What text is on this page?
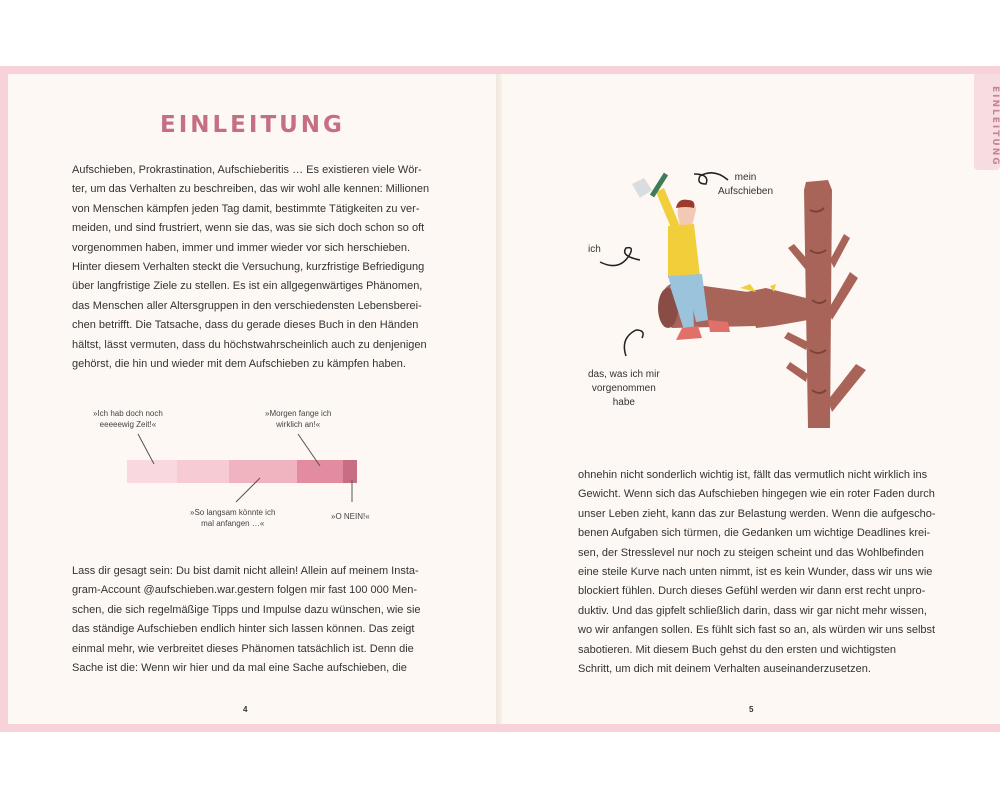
EINLEITUNG
EINLEITUNG
Aufschieben, Prokrastination, Aufschieberitis … Es existieren viele Wör-
ter, um das Verhalten zu beschreiben, das wir wohl alle kennen: Millionen
von Menschen kämpfen jeden Tag damit, bestimmte Tätigkeiten zu ver-
meiden, und sind frustriert, wenn sie das, was sie sich doch schon so oft
vorgenommen haben, immer und immer wieder vor sich herschieben.
Hinter diesem Verhalten steckt die Versuchung, kurzfristige Befriedigung
über langfristige Ziele zu stellen. Es ist ein allgegenwärtiges Phänomen,
das Menschen aller Altersgruppen in den verschiedensten Lebensberei-
chen betrifft. Die Tatsache, dass du gerade dieses Buch in den Händen
hältst, lässt vermuten, dass du höchstwahrscheinlich auch zu denjenigen
gehörst, die hin und wieder mit dem Aufschieben zu kämpfen haben.
»Ich hab doch noch
eeeeewig Zeit!«
»Morgen fange ich
wirklich an!«
»So langsam könnte ich
mal anfangen …«
»O NEIN!«
Lass dir gesagt sein: Du bist damit nicht allein! Allein auf meinem Insta-
gram-Account @aufschieben.war.gestern folgen mir fast 100 000 Men-
schen, die sich regelmäßige Tipps und Impulse dazu wünschen, wie sie
das ständige Aufschieben endlich hinter sich lassen können. Das zeigt
einmal mehr, wie verbreitet dieses Phänomen tatsächlich ist. Denn die
Sache ist die: Wenn wir hier und da mal eine Sache aufschieben, die
4
mein
Aufschieben
ich
das, was ich mir
vorgenommen
habe
ohnehin nicht sonderlich wichtig ist, fällt das vermutlich nicht wirklich ins
Gewicht. Wenn sich das Aufschieben hingegen wie ein roter Faden durch
unser Leben zieht, kann das zur Belastung werden. Wenn die aufgescho-
benen Aufgaben sich türmen, die Gedanken um wichtige Deadlines krei-
sen, der Stresslevel nur noch zu steigen scheint und das Wohlbefinden
eine steile Kurve nach unten nimmt, ist es kein Wunder, dass wir uns wie
blockiert fühlen. Durch dieses Gefühl werden wir dann erst recht unpro-
duktiv. Und das gipfelt schließlich darin, dass wir gar nicht mehr wissen,
wo wir anfangen sollen. Es fühlt sich fast so an, als würden wir uns selbst
sabotieren. Mit diesem Buch gehst du den ersten und wichtigsten
Schritt, um dich mit deinem Verhalten auseinanderzusetzen.
5
